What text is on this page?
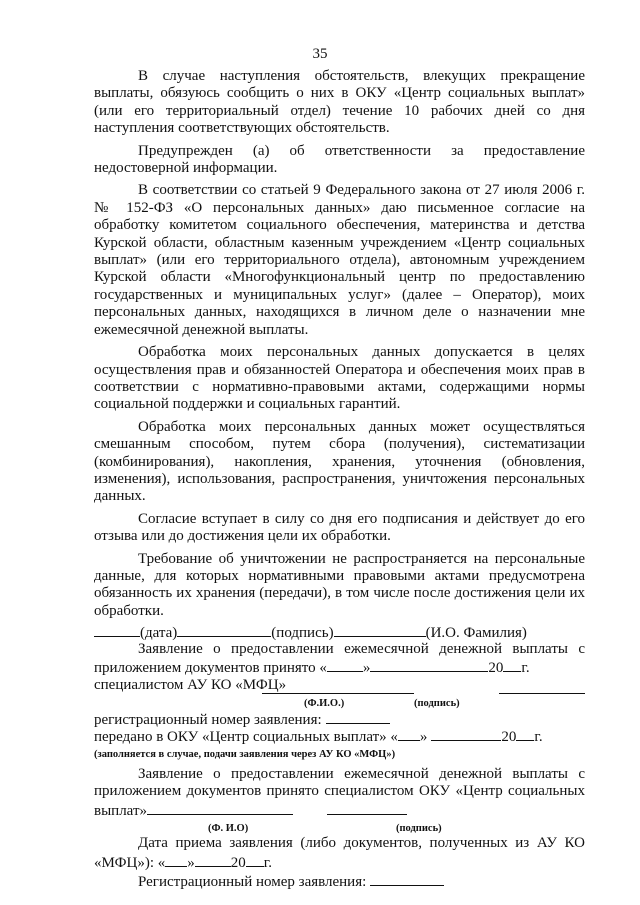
35

В случае наступления обстоятельств, влекущих прекращение выплаты, обязуюсь сообщить о них в ОКУ «Центр социальных выплат» (или его территориальный отдел) течение 10 рабочих дней со дня наступления соответствующих обстоятельств.

Предупрежден (а) об ответственности за предоставление недостоверной информации.

В соответствии со статьей 9 Федерального закона от 27 июля 2006 г. № 152-ФЗ «О персональных данных» даю письменное согласие на обработку комитетом социального обеспечения, материнства и детства Курской области, областным казенным учреждением «Центр социальных выплат» (или его территориального отдела), автономным учреждением Курской области «Многофункциональный центр по предоставлению государственных и муниципальных услуг» (далее – Оператор), моих персональных данных, находящихся в личном деле о назначении мне ежемесячной денежной выплаты.

Обработка моих персональных данных допускается в целях осуществления прав и обязанностей Оператора и обеспечения моих прав в соответствии с нормативно-правовыми актами, содержащими нормы социальной поддержки и социальных гарантий.

Обработка моих персональных данных может осуществляться смешанным способом, путем сбора (получения), систематизации (комбинирования), накопления, хранения, уточнения (обновления, изменения), использования, распространения, уничтожения персональных данных.

Согласие вступает в силу со дня его подписания и действует до его отзыва или до достижения цели их обработки.

Требование об уничтожении не распространяется на персональные данные, для которых нормативными правовыми актами предусмотрена обязанность их хранения (передачи), в том числе после достижения цели их обработки.

(дата)	(подпись)	(И.О. Фамилия)

Заявление о предоставлении ежемесячной денежной выплаты с приложением документов принято « »	20 г.

специалистом АУ КО «МФЦ»
(Ф.И.О.)	(подпись)
регистрационный номер заявления:
передано в ОКУ «Центр социальных выплат» « »	20 г.
(заполняется в случае, подачи заявления через АУ КО «МФЦ»)

Заявление о предоставлении ежемесячной денежной выплаты с приложением документов принято специалистом ОКУ «Центр социальных выплат»

(Ф. И.О)	(подпись)

Дата приема заявления (либо документов, полученных из АУ КО «МФЦ»): « » 20 г.

Регистрационный номер заявления:
